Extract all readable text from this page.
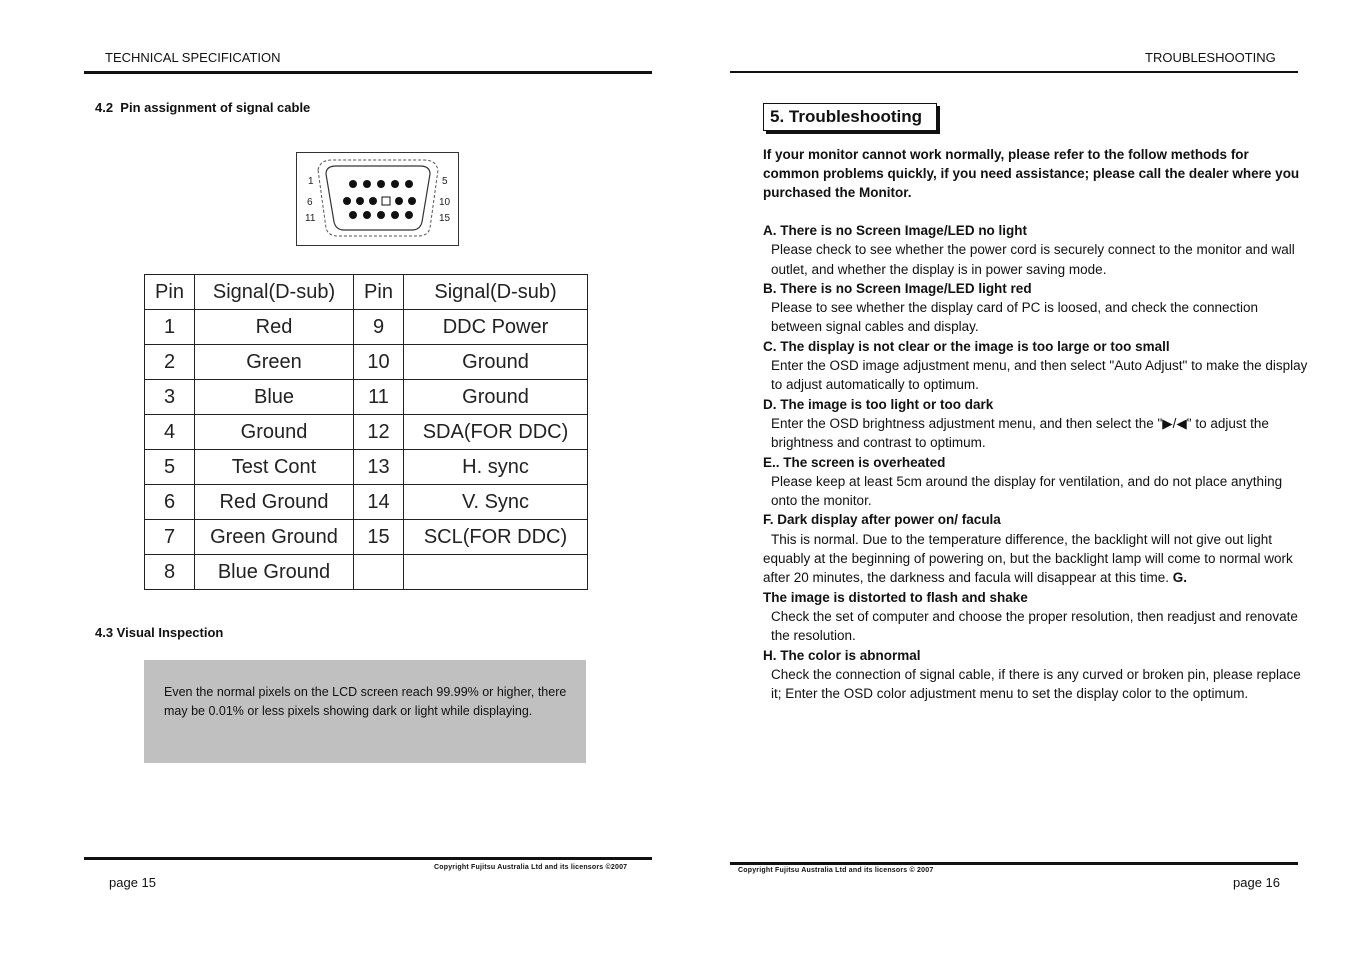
TECHNICAL SPECIFICATION
4.2  Pin assignment of signal cable
1	5
6	10
11	15
Pin	Signal(D-sub)	Pin	Signal(D-sub)
1	Red	9	DDC Power
2	Green	10	Ground
3	Blue	11	Ground
4	Ground	12	SDA(FOR DDC)
5	Test Cont	13	H. sync
6	Red Ground	14	V. Sync
7	Green Ground	15	SCL(FOR DDC)
8	Blue Ground		
4.3 Visual Inspection

Even the normal pixels on the LCD screen reach 99.99% or higher, there may be 0.01% or less pixels showing dark or light while displaying.

Copyright Fujitsu Australia Ltd and its licensors ©2007
page 15
TROUBLESHOOTING
5. Troubleshooting
If your monitor cannot work normally, please refer to the follow methods for common problems quickly, if you need assistance; please call the dealer where you purchased the Monitor.
A. There is no Screen Image/LED no light
Please check to see whether the power cord is securely connect to the monitor and wall outlet, and whether the display is in power saving mode.
B. There is no Screen Image/LED light red
Please to see whether the display card of PC is loosed, and check the connection between signal cables and display.
C. The display is not clear or the image is too large or too small
Enter the OSD image adjustment menu, and then select "Auto Adjust" to make the display to adjust automatically to optimum.
D. The image is too light or too dark
Enter the OSD brightness adjustment menu, and then select the "▶/◀" to adjust the brightness and contrast to optimum.
E.. The screen is overheated
Please keep at least 5cm around the display for ventilation, and do not place anything onto the monitor.
F. Dark display after power on/ facula
This is normal. Due to the temperature difference, the backlight will not give out light equably at the beginning of powering on, but the backlight lamp will come to normal work after 20 minutes, the darkness and facula will disappear at this time. G.
The image is distorted to flash and shake
Check the set of computer and choose the proper resolution, then readjust and renovate the resolution.
H. The color is abnormal
Check the connection of signal cable, if there is any curved or broken pin, please replace it; Enter the OSD color adjustment menu to set the display color to the optimum.
Copyright Fujitsu Australia Ltd and its licensors © 2007
page 16
